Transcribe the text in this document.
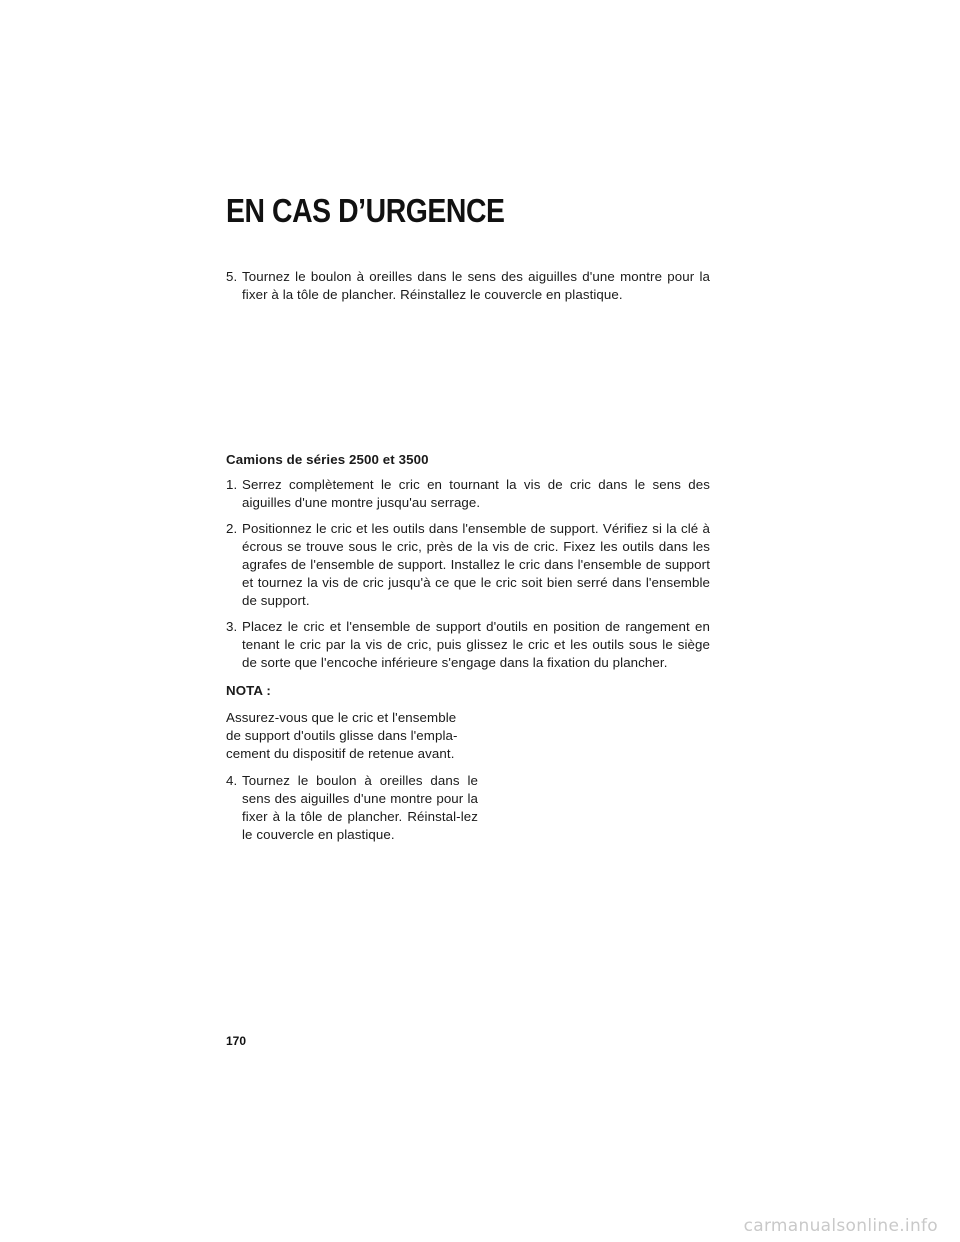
EN CAS D’URGENCE

5. Tournez le boulon à oreilles dans le sens des aiguilles d'une montre pour la fixer à la tôle de plancher. Réinstallez le couvercle en plastique.

Camions de séries 2500 et 3500

1. Serrez complètement le cric en tournant la vis de cric dans le sens des aiguilles d'une montre jusqu'au serrage.

2. Positionnez le cric et les outils dans l'ensemble de support. Vérifiez si la clé à écrous se trouve sous le cric, près de la vis de cric. Fixez les outils dans les agrafes de l'ensemble de support. Installez le cric dans l'ensemble de support et tournez la vis de cric jusqu'à ce que le cric soit bien serré dans l'ensemble de support.

3. Placez le cric et l'ensemble de support d'outils en position de rangement en tenant le cric par la vis de cric, puis glissez le cric et les outils sous le siège de sorte que l'encoche inférieure s'engage dans la fixation du plancher.

NOTA :

Assurez-vous que le cric et l'ensemble de support d'outils glisse dans l'empla-cement du dispositif de retenue avant.

4. Tournez le boulon à oreilles dans le sens des aiguilles d'une montre pour la fixer à la tôle de plancher. Réinstal-lez le couvercle en plastique.

170
carmanualsonline.info
